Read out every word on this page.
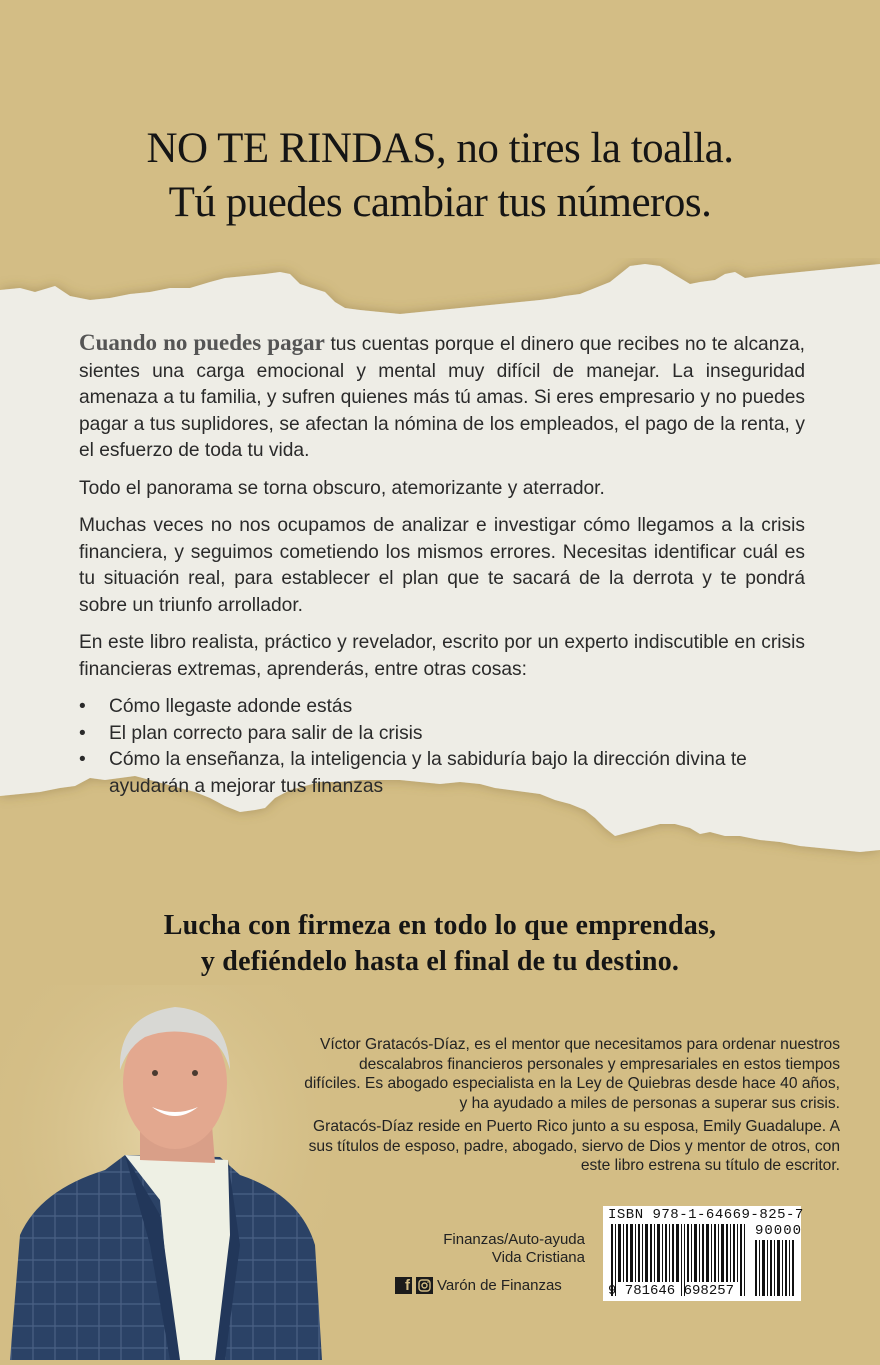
NO TE RINDAS, no tires la toalla.
Tú puedes cambiar tus números.

Cuando no puedes pagar tus cuentas porque el dinero que recibes no te alcanza, sientes una carga emocional y mental muy difícil de manejar. La inseguridad amenaza a tu familia, y sufren quienes más tú amas. Si eres empresario y no puedes pagar a tus suplidores, se afectan la nómina de los empleados, el pago de la renta, y el esfuerzo de toda tu vida.

Todo el panorama se torna obscuro, atemorizante y aterrador.

Muchas veces no nos ocupamos de analizar e investigar cómo llegamos a la crisis financiera, y seguimos cometiendo los mismos errores. Necesitas identificar cuál es tu situación real, para establecer el plan que te sacará de la derrota y te pondrá sobre un triunfo arrollador.

En este libro realista, práctico y revelador, escrito por un experto indiscutible en crisis financieras extremas, aprenderás, entre otras cosas:

• Cómo llegaste adonde estás
• El plan correcto para salir de la crisis
• Cómo la enseñanza, la inteligencia y la sabiduría bajo la dirección divina te ayudarán a mejorar tus finanzas
Lucha con firmeza en todo lo que emprendas,
y defiéndelo hasta el final de tu destino.

Víctor Gratacós-Díaz, es el mentor que necesitamos para ordenar nuestros descalabros financieros personales y empresariales en estos tiempos difíciles. Es abogado especialista en la Ley de Quiebras desde hace 40 años, y ha ayudado a miles de personas a superar sus crisis.

Gratacós-Díaz reside en Puerto Rico junto a su esposa, Emily Guadalupe. A sus títulos de esposo, padre, abogado, siervo de Dios y mentor de otros, con este libro estrena su título de escritor.

Finanzas/Auto-ayuda
Vida Cristiana
f Varón de Finanzas
ISBN 978-1-64669-825-7
90000
9 781646 698257
